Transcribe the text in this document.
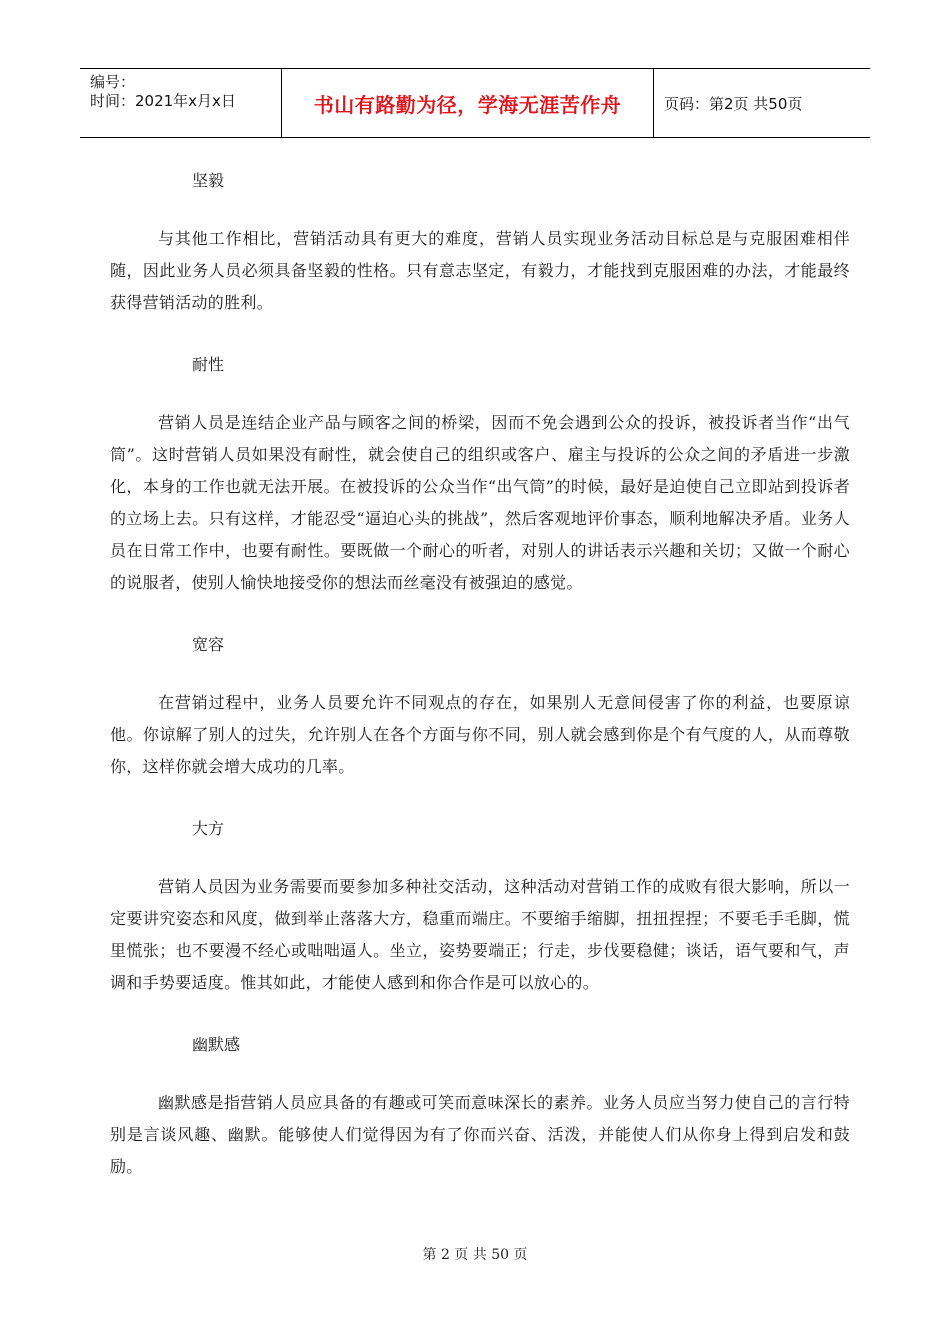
编号：
时间：2021年x月x日	书山有路勤为径，学海无涯苦作舟	页码：第2页 共50页

坚毅

与其他工作相比，营销活动具有更大的难度，营销人员实现业务活动目标总是与克服困难相伴随，因此业务人员必须具备坚毅的性格。只有意志坚定，有毅力，才能找到克服困难的办法，才能最终获得营销活动的胜利。

耐性

营销人员是连结企业产品与顾客之间的桥梁，因而不免会遇到公众的投诉，被投诉者当作“出气筒”。这时营销人员如果没有耐性，就会使自己的组织或客户、雇主与投诉的公众之间的矛盾进一步激化，本身的工作也就无法开展。在被投诉的公众当作“出气筒”的时候，最好是迫使自己立即站到投诉者的立场上去。只有这样，才能忍受“逼迫心头的挑战”，然后客观地评价事态，顺利地解决矛盾。业务人员在日常工作中，也要有耐性。要既做一个耐心的听者，对别人的讲话表示兴趣和关切；又做一个耐心的说服者，使别人愉快地接受你的想法而丝毫没有被强迫的感觉。

宽容

在营销过程中，业务人员要允许不同观点的存在，如果别人无意间侵害了你的利益，也要原谅他。你谅解了别人的过失，允许别人在各个方面与你不同，别人就会感到你是个有气度的人，从而尊敬你，这样你就会增大成功的几率。

大方

营销人员因为业务需要而要参加多种社交活动，这种活动对营销工作的成败有很大影响，所以一定要讲究姿态和风度，做到举止落落大方，稳重而端庄。不要缩手缩脚，扭扭捏捏；不要毛手毛脚，慌里慌张；也不要漫不经心或咄咄逼人。坐立，姿势要端正；行走，步伐要稳健；谈话，语气要和气，声调和手势要适度。惟其如此，才能使人感到和你合作是可以放心的。

幽默感

幽默感是指营销人员应具备的有趣或可笑而意味深长的素养。业务人员应当努力使自己的言行特别是言谈风趣、幽默。能够使人们觉得因为有了你而兴奋、活泼，并能使人们从你身上得到启发和鼓励。

第 2 页 共 50 页
